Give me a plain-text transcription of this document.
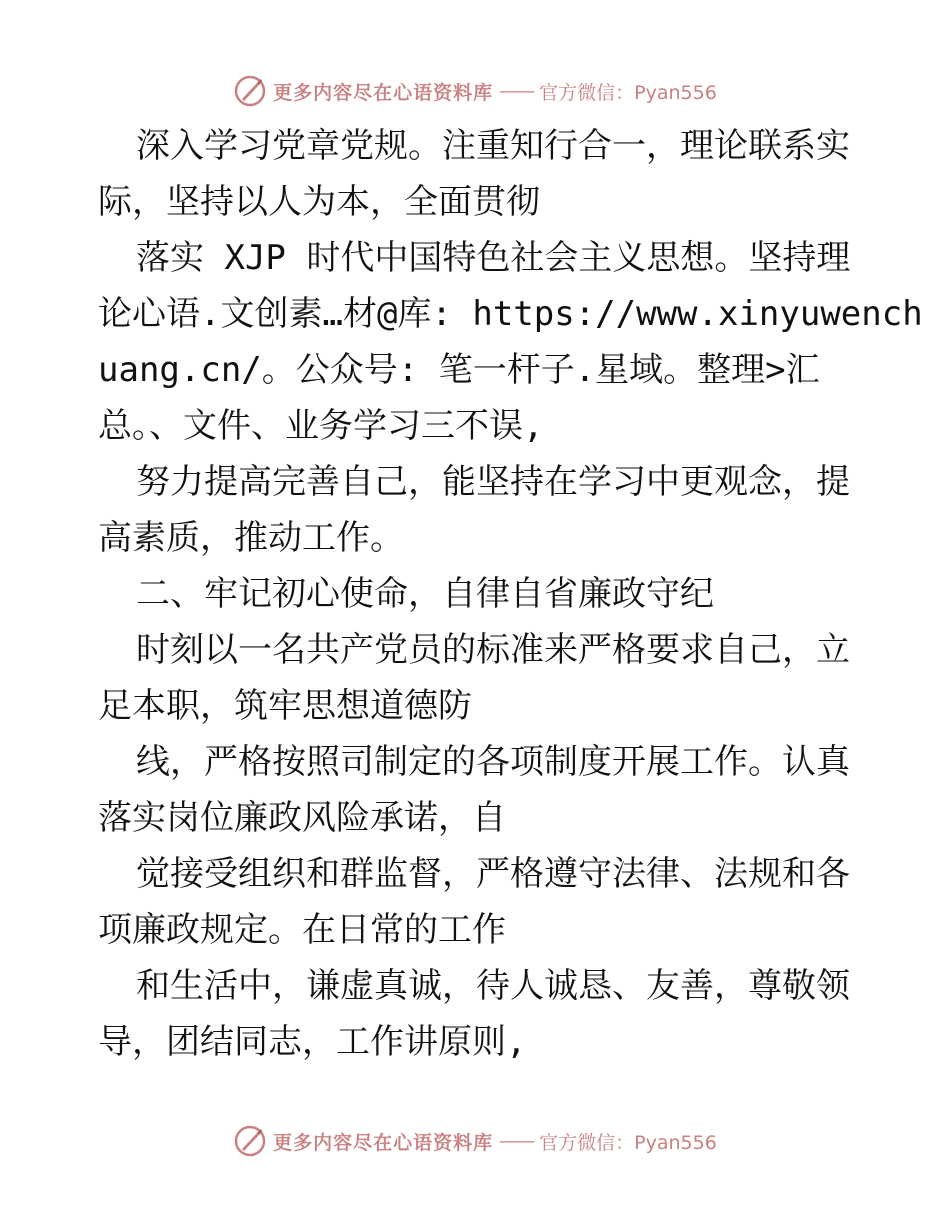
更多内容尽在心语资料库 —— 官方微信：Pyan556
深入学习党章党规。注重知行合一，理论联系实
际，坚持以人为本，全面贯彻
落实 XJP 时代中国特色社会主义思想。坚持理
论心语.文创素…材@库: https://www.xinyuwench
uang.cn/。公众号: 笔一杆子.星域。整理>汇
总。、文件、业务学习三不误,
努力提高完善自己，能坚持在学习中更观念，提
高素质，推动工作。
二、牢记初心使命，自律自省廉政守纪
时刻以一名共产党员的标准来严格要求自己，立
足本职，筑牢思想道德防
线，严格按照司制定的各项制度开展工作。认真
落实岗位廉政风险承诺，自
觉接受组织和群监督，严格遵守法律、法规和各
项廉政规定。在日常的工作
和生活中，谦虚真诚，待人诚恳、友善，尊敬领
导，团结同志，工作讲原则,
更多内容尽在心语资料库 —— 官方微信：Pyan556
